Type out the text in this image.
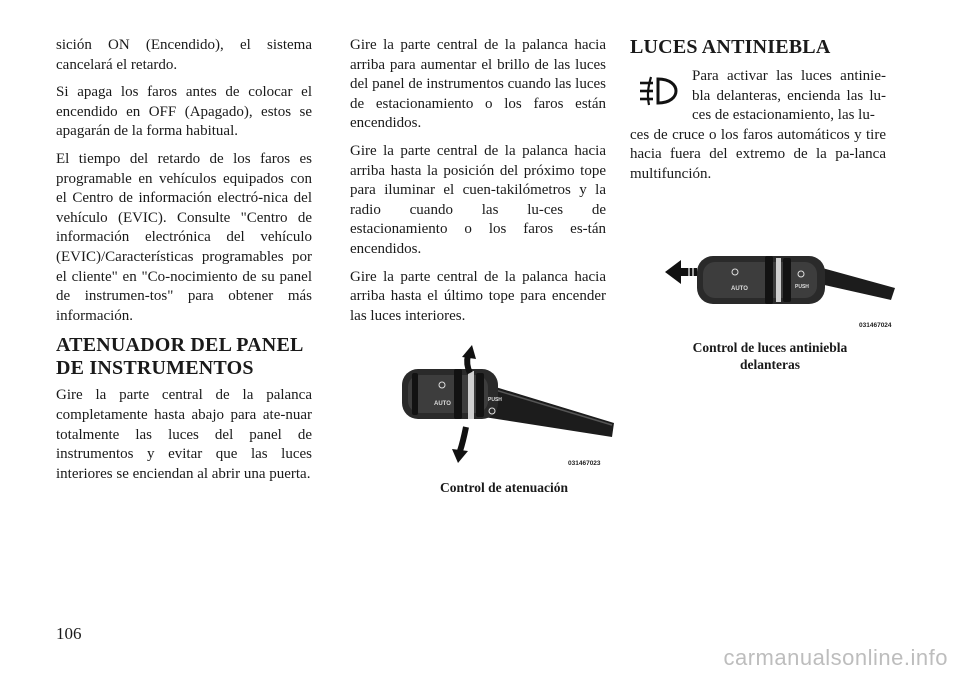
sición ON (Encendido), el sistema cancelará el retardo.

Si apaga los faros antes de colocar el encendido en OFF (Apagado), estos se apagarán de la forma habitual.

El tiempo del retardo de los faros es programable en vehículos equipados con el Centro de información electró-nica del vehículo (EVIC). Consulte "Centro de información electrónica del vehículo (EVIC)/Características programables por el cliente" en "Co-nocimiento de su panel de instrumen-tos" para obtener más información.

ATENUADOR DEL PANEL
DE INSTRUMENTOS

Gire la parte central de la palanca completamente hasta abajo para ate-nuar totalmente las luces del panel de instrumentos y evitar que las luces interiores se enciendan al abrir una puerta.

Gire la parte central de la palanca hacia arriba para aumentar el brillo de las luces del panel de instrumentos cuando las luces de estacionamiento o los faros están encendidos.

Gire la parte central de la palanca hacia arriba hasta la posición del próximo tope para iluminar el cuen-takilómetros y la radio cuando las lu-ces de estacionamiento o los faros es-tán encendidos.

Gire la parte central de la palanca hacia arriba hasta el último tope para encender las luces interiores.

AUTO
PUSH
031467023
Control de atenuación
LUCES ANTINIEBLA

Para activar las luces antinie-bla delanteras, encienda las lu-ces de estacionamiento, las lu-

ces de cruce o los faros automáticos y tire hacia fuera del extremo de la pa-lanca multifunción.

AUTO	PUSH
031467024
Control de luces antiniebla
delanteras
106
carmanualsonline.info
